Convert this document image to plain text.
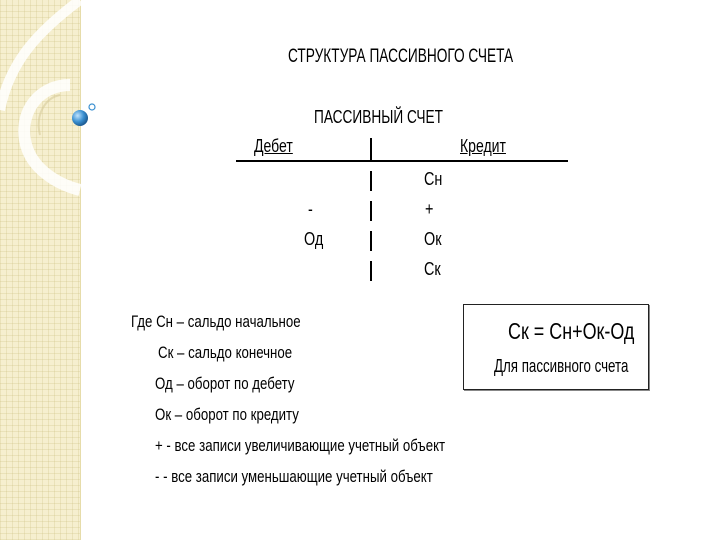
СТРУКТУРА ПАССИВНОГО СЧЕТА
ПАССИВНЫЙ СЧЕТ
Дебет	Кредит
-
Од
Сн
+
Ок
Ск
Где Сн – сальдо начальное
Ск – сальдо конечное
Од – оборот по дебету
Ок – оборот по кредиту
+ - все записи увеличивающие учетный объект
- - все записи уменьшающие учетный объект
Ск = Сн+Ок-Од
Для пассивного счета
